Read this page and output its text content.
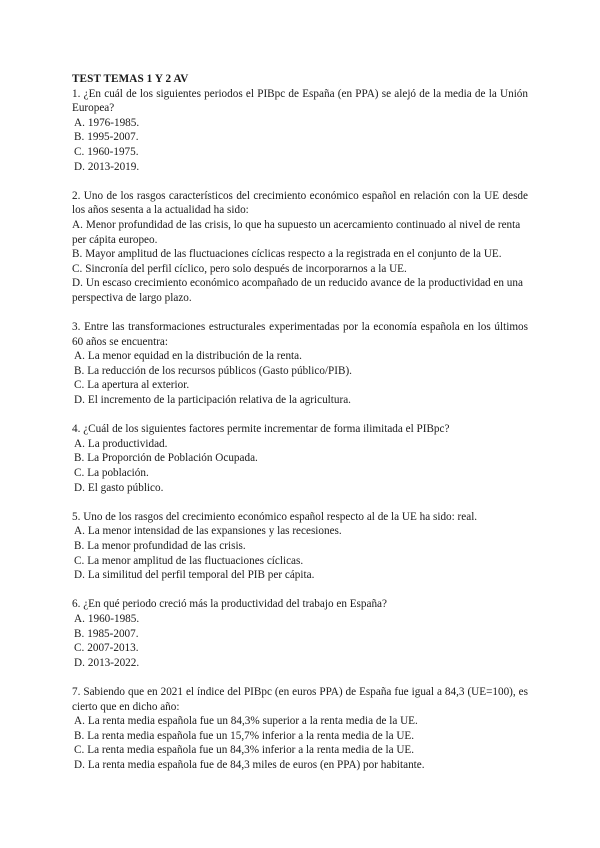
TEST TEMAS 1 Y 2 AV

1. ¿En cuál de los siguientes periodos el PIBpc de España (en PPA) se alejó de la media de la Unión Europea?

A. 1976-1985.
B. 1995-2007.
C. 1960-1975.
D. 2013-2019.

2. Uno de los rasgos característicos del crecimiento económico español en relación con la UE desde los años sesenta a la actualidad ha sido:

A. Menor profundidad de las crisis, lo que ha supuesto un acercamiento continuado al nivel de renta per cápita europeo.
B. Mayor amplitud de las fluctuaciones cíclicas respecto a la registrada en el conjunto de la UE.
C. Sincronía del perfil cíclico, pero solo después de incorporarnos a la UE.
D. Un escaso crecimiento económico acompañado de un reducido avance de la productividad en una perspectiva de largo plazo.

3. Entre las transformaciones estructurales experimentadas por la economía española en los últimos 60 años se encuentra:

A. La menor equidad en la distribución de la renta.
B. La reducción de los recursos públicos (Gasto público/PIB).
C. La apertura al exterior.
D. El incremento de la participación relativa de la agricultura.

4. ¿Cuál de los siguientes factores permite incrementar de forma ilimitada el PIBpc?

A. La productividad.
B. La Proporción de Población Ocupada.
C. La población.
D. El gasto público.

5. Uno de los rasgos del crecimiento económico español respecto al de la UE ha sido: real.

A. La menor intensidad de las expansiones y las recesiones.
B. La menor profundidad de las crisis.
C. La menor amplitud de las fluctuaciones cíclicas.
D. La similitud del perfil temporal del PIB per cápita.

6. ¿En qué periodo creció más la productividad del trabajo en España?

A. 1960-1985.
B. 1985-2007.
C. 2007-2013.
D. 2013-2022.

7. Sabiendo que en 2021 el índice del PIBpc (en euros PPA) de España fue igual a 84,3 (UE=100), es cierto que en dicho año:

A. La renta media española fue un 84,3% superior a la renta media de la UE.
B. La renta media española fue un 15,7% inferior a la renta media de la UE.
C. La renta media española fue un 84,3% inferior a la renta media de la UE.
D. La renta media española fue de 84,3 miles de euros (en PPA) por habitante.
